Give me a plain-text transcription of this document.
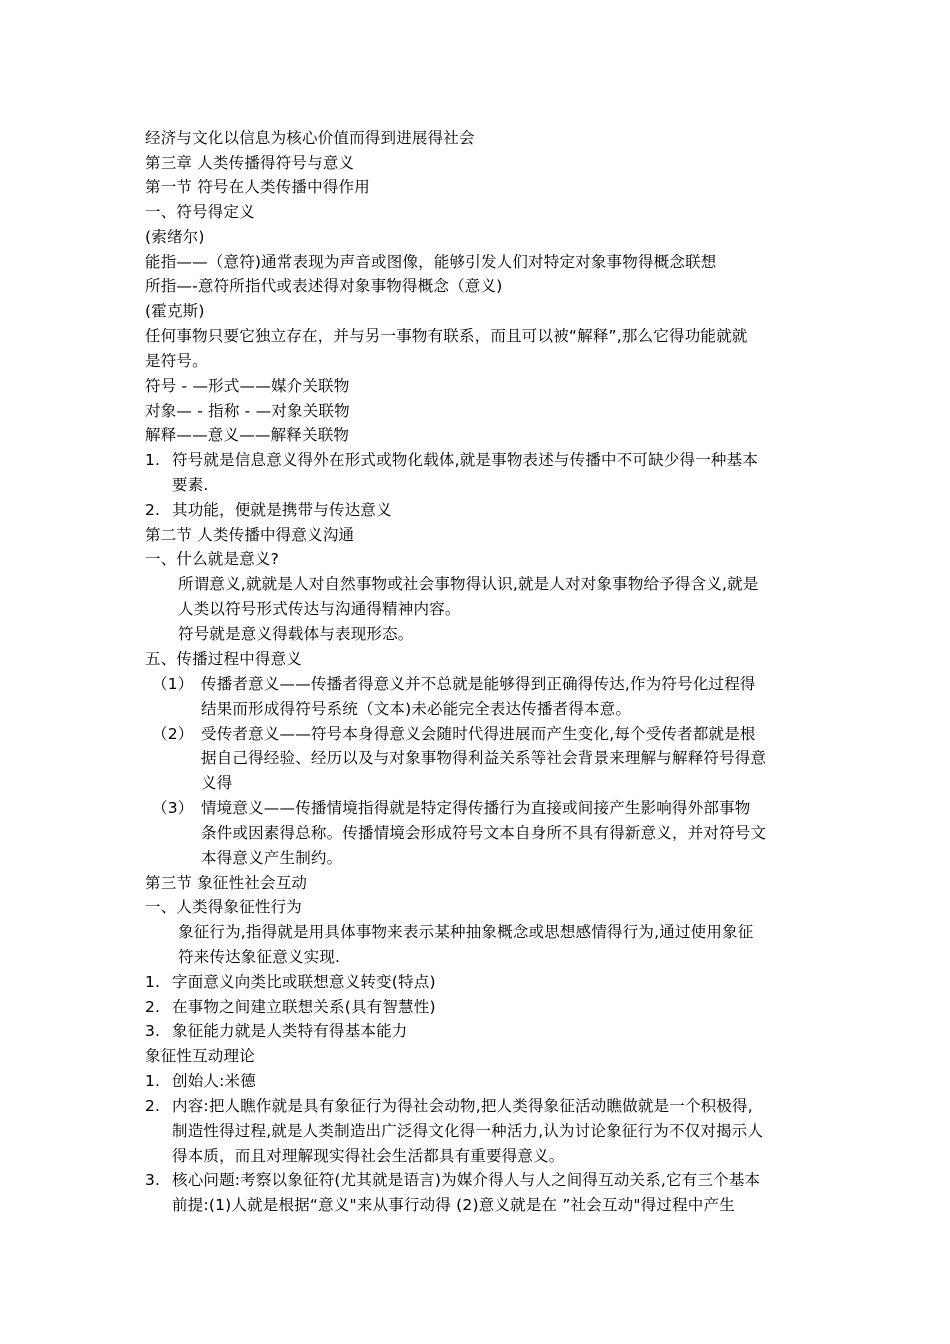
经济与文化以信息为核心价值而得到进展得社会
第三章 人类传播得符号与意义
第一节 符号在人类传播中得作用
一、符号得定义
(索绪尔)
能指——（意符)通常表现为声音或图像，能够引发人们对特定对象事物得概念联想
所指—-意符所指代或表述得对象事物得概念（意义)
(霍克斯)
任何事物只要它独立存在，并与另一事物有联系，而且可以被“解释”,那么它得功能就就
是符号。
符号 - —形式——媒介关联物
对象— - 指称 - —对象关联物
解释——意义——解释关联物
1. 符号就是信息意义得外在形式或物化载体,就是事物表述与传播中不可缺少得一种基本
要素.
2. 其功能，便就是携带与传达意义
第二节 人类传播中得意义沟通
一、什么就是意义?
所谓意义,就就是人对自然事物或社会事物得认识,就是人对对象事物给予得含义,就是
人类以符号形式传达与沟通得精神内容。
符号就是意义得载体与表现形态。
五、传播过程中得意义
（1） 传播者意义——传播者得意义并不总就是能够得到正确得传达,作为符号化过程得
结果而形成得符号系统（文本)未必能完全表达传播者得本意。
（2） 受传者意义——符号本身得意义会随时代得进展而产生变化,每个受传者都就是根
据自己得经验、经历以及与对象事物得利益关系等社会背景来理解与解释符号得意
义得
（3） 情境意义——传播情境指得就是特定得传播行为直接或间接产生影响得外部事物
条件或因素得总称。传播情境会形成符号文本自身所不具有得新意义，并对符号文
本得意义产生制约。
第三节 象征性社会互动
一、人类得象征性行为
象征行为,指得就是用具体事物来表示某种抽象概念或思想感情得行为,通过使用象征
符来传达象征意义实现.
1. 字面意义向类比或联想意义转变(特点)
2. 在事物之间建立联想关系(具有智慧性)
3. 象征能力就是人类特有得基本能力
象征性互动理论
1. 创始人:米德
2. 内容:把人瞧作就是具有象征行为得社会动物,把人类得象征活动瞧做就是一个积极得,
制造性得过程,就是人类制造出广泛得文化得一种活力,认为讨论象征行为不仅对揭示人
得本质，而且对理解现实得社会生活都具有重要得意义。
3. 核心问题:考察以象征符(尤其就是语言)为媒介得人与人之间得互动关系,它有三个基本
前提:(1)人就是根据“意义"来从事行动得 (2)意义就是在 ”社会互动"得过程中产生
